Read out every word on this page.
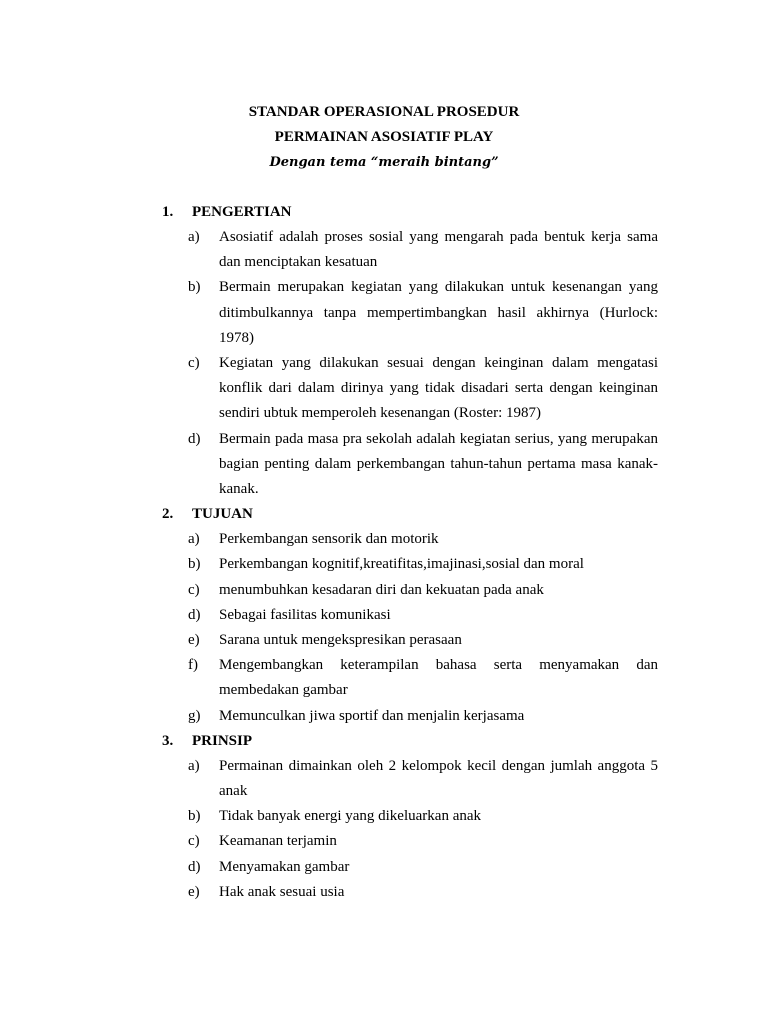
STANDAR OPERASIONAL PROSEDUR
PERMAINAN ASOSIATIF PLAY
Dengan tema “meraih bintang”
1.	PENGERTIAN
a)	Asosiatif adalah proses sosial yang mengarah pada bentuk kerja sama dan menciptakan kesatuan
b)	Bermain merupakan kegiatan yang dilakukan untuk kesenangan yang ditimbulkannya tanpa mempertimbangkan hasil akhirnya (Hurlock: 1978)
c)	Kegiatan yang dilakukan sesuai dengan keinginan dalam mengatasi konflik dari dalam dirinya yang tidak disadari serta dengan keinginan sendiri ubtuk memperoleh kesenangan (Roster: 1987)
d)	Bermain pada masa pra sekolah adalah kegiatan serius, yang merupakan bagian penting dalam perkembangan tahun-tahun pertama masa kanak-kanak.
2.	TUJUAN
a)	Perkembangan sensorik dan motorik
b)	Perkembangan kognitif,kreatifitas,imajinasi,sosial dan moral
c)	menumbuhkan kesadaran diri dan kekuatan pada anak
d)	Sebagai fasilitas komunikasi
e)	Sarana untuk mengekspresikan perasaan
f)	Mengembangkan keterampilan bahasa serta menyamakan dan membedakan gambar
g)	Memunculkan jiwa sportif dan menjalin kerjasama
3.	PRINSIP
a)	Permainan dimainkan oleh 2 kelompok kecil dengan jumlah anggota 5 anak
b)	Tidak banyak energi yang dikeluarkan anak
c)	Keamanan terjamin
d)	Menyamakan gambar
e)	Hak anak sesuai usia
